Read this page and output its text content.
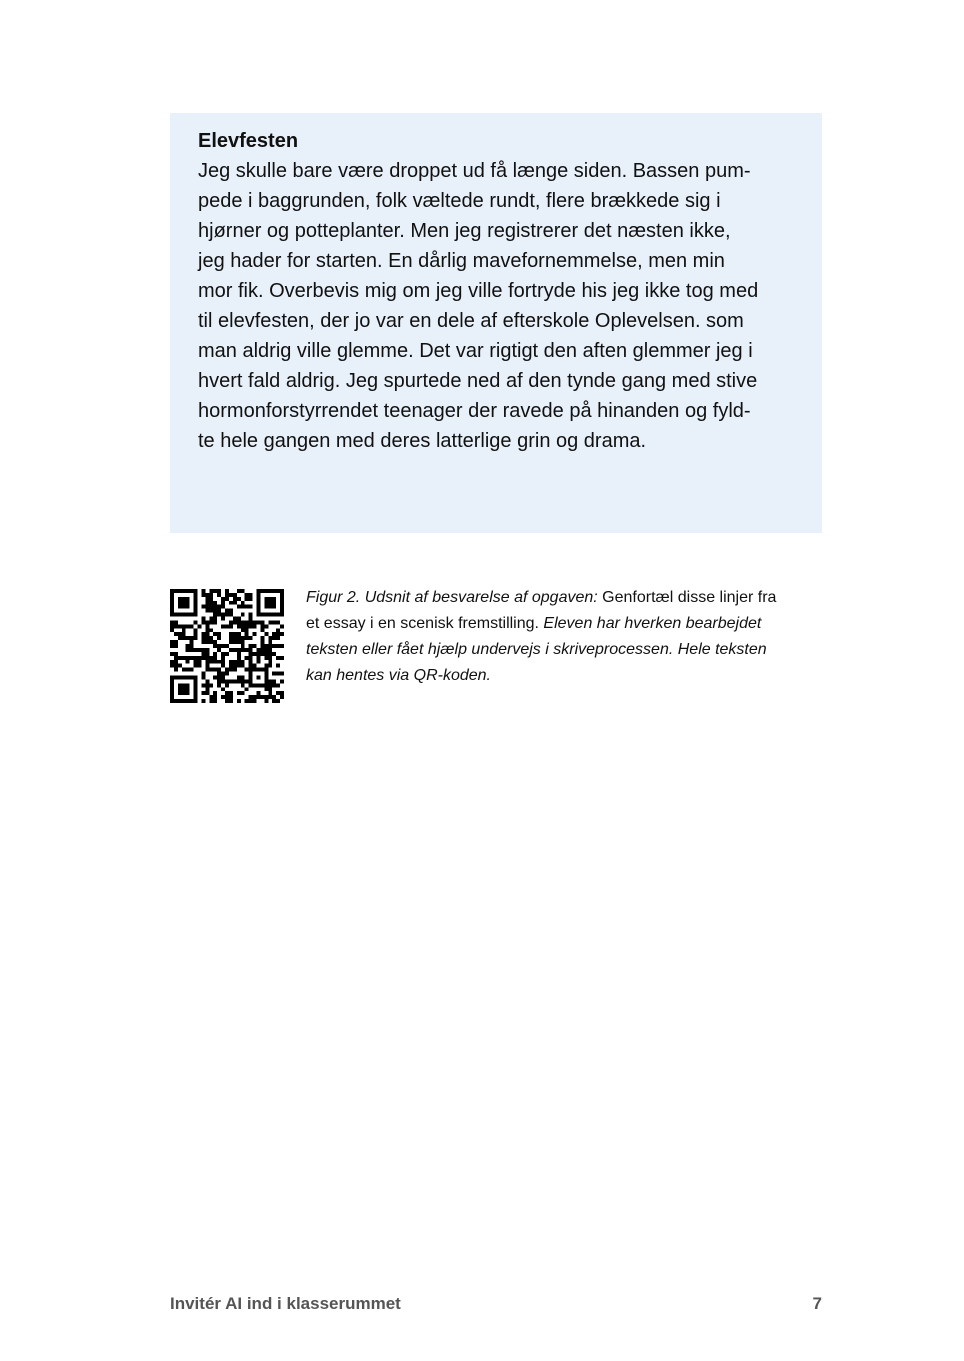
Elevfesten
Jeg skulle bare være droppet ud få længe siden. Bassen pum-
pede i baggrunden, folk væltede rundt, flere brækkede sig i
hjørner og potteplanter. Men jeg registrerer det næsten ikke,
jeg hader for starten. En dårlig mavefornemmelse, men min
mor fik. Overbevis mig om jeg ville fortryde his jeg ikke tog med
til elevfesten, der jo var en dele af efterskole Oplevelsen. som
man aldrig ville glemme. Det var rigtigt den aften glemmer jeg i
hvert fald aldrig. Jeg spurtede ned af den tynde gang med stive
hormonforstyrrendet teenager der ravede på hinanden og fyld-
te hele gangen med deres latterlige grin og drama.
Figur 2. Udsnit af besvarelse af opgaven: Genfortæl disse linjer fra
et essay i en scenisk fremstilling. Eleven har hverken bearbejdet
teksten eller fået hjælp undervejs i skriveprocessen. Hele teksten
kan hentes via QR-koden.
Invitér AI ind i klasserummet	7
